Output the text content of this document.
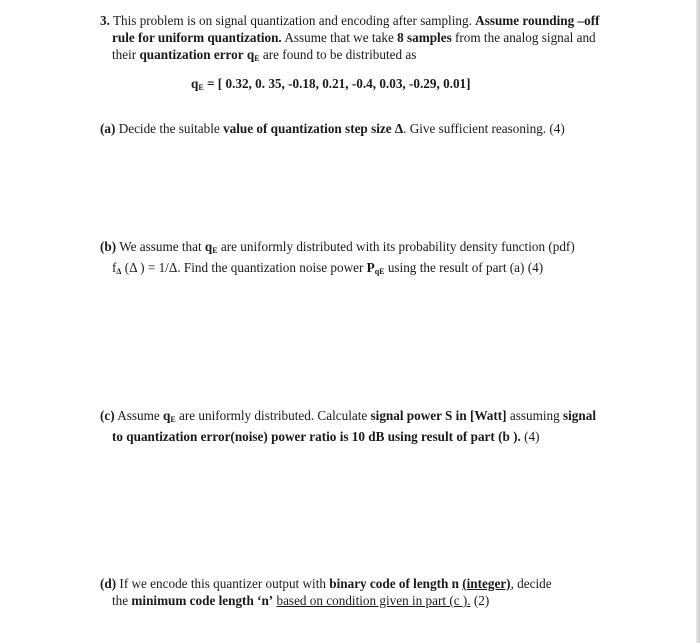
3. This problem is on signal quantization and encoding after sampling. Assume rounding –off
rule for uniform quantization. Assume that we take 8 samples from the analog signal and
their quantization error $q_E$ are found to be distributed as
$q_E$ = [ 0.32, 0. 35, -0.18, 0.21, -0.4, 0.03, -0.29, 0.01]
(a) Decide the suitable value of quantization step size Δ. Give sufficient reasoning. (4)
(b) We assume that $q_E$ are uniformly distributed with its probability density function (pdf)
$f_\Delta$ (Δ ) = 1/Δ. Find the quantization noise power $P_{qE}$ using the result of part (a) (4)
(c) Assume $q_E$ are uniformly distributed. Calculate signal power S in [Watt] assuming signal
to quantization error(noise) power ratio is 10 dB using result of part (b ). (4)
(d) If we encode this quantizer output with binary code of length n (integer), decide
the minimum code length ‘n’ based on condition given in part (c ). (2)
